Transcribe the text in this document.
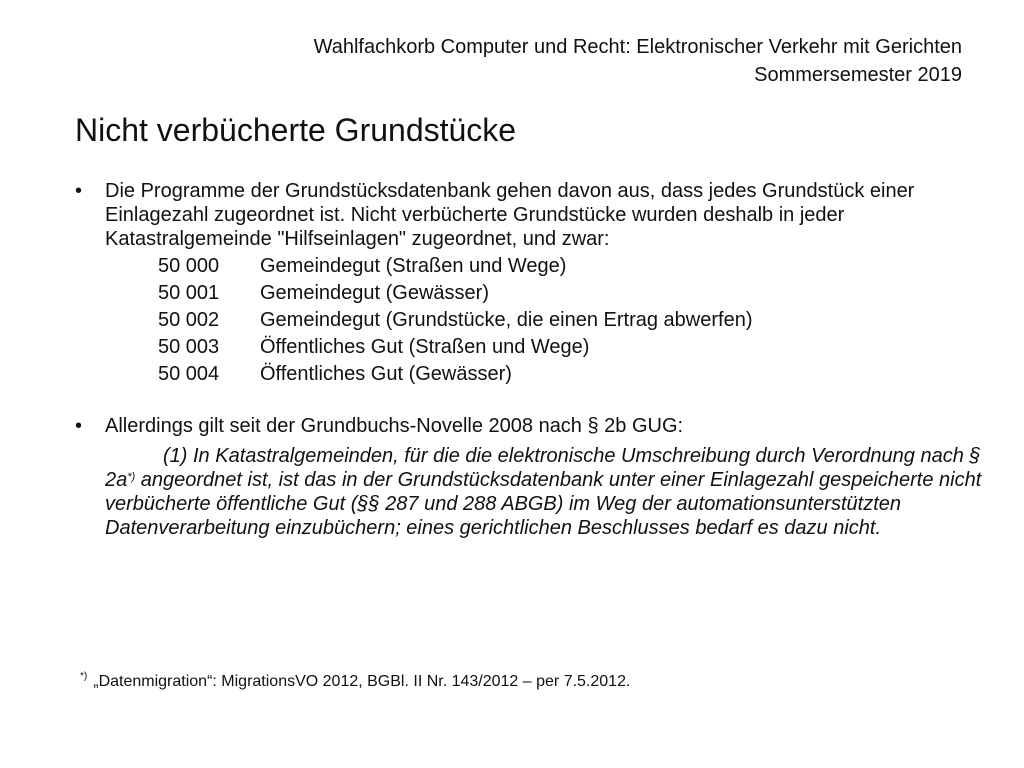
Wahlfachkorb Computer und Recht: Elektronischer Verkehr mit Gerichten
Sommersemester 2019
Nicht verbücherte Grundstücke
•	Die Programme der Grundstücksdatenbank gehen davon aus, dass jedes Grundstück einer Einlagezahl zugeordnet ist. Nicht verbücherte Grundstücke wurden deshalb in jeder Katastralgemeinde "Hilfseinlagen" zugeordnet, und zwar:
50 000	Gemeindegut (Straßen und Wege)
50 001	Gemeindegut (Gewässer)
50 002	Gemeindegut (Grundstücke, die einen Ertrag abwerfen)
50 003	Öffentliches Gut (Straßen und Wege)
50 004	Öffentliches Gut (Gewässer)
•	Allerdings gilt seit der Grundbuchs-Novelle 2008 nach § 2b GUG:
(1) In Katastralgemeinden, für die die elektronische Umschreibung durch Verordnung nach § 2a*) angeordnet ist, ist das in der Grundstücksdatenbank unter einer Einlagezahl gespeicherte nicht verbücherte öffentliche Gut (§§ 287 und 288 ABGB) im Weg der automationsunterstützten Datenverarbeitung einzubüchern; eines gerichtlichen Beschlusses bedarf es dazu nicht.
*) „Datenmigration“: MigrationsVO 2012, BGBl. II Nr. 143/2012 – per 7.5.2012.
